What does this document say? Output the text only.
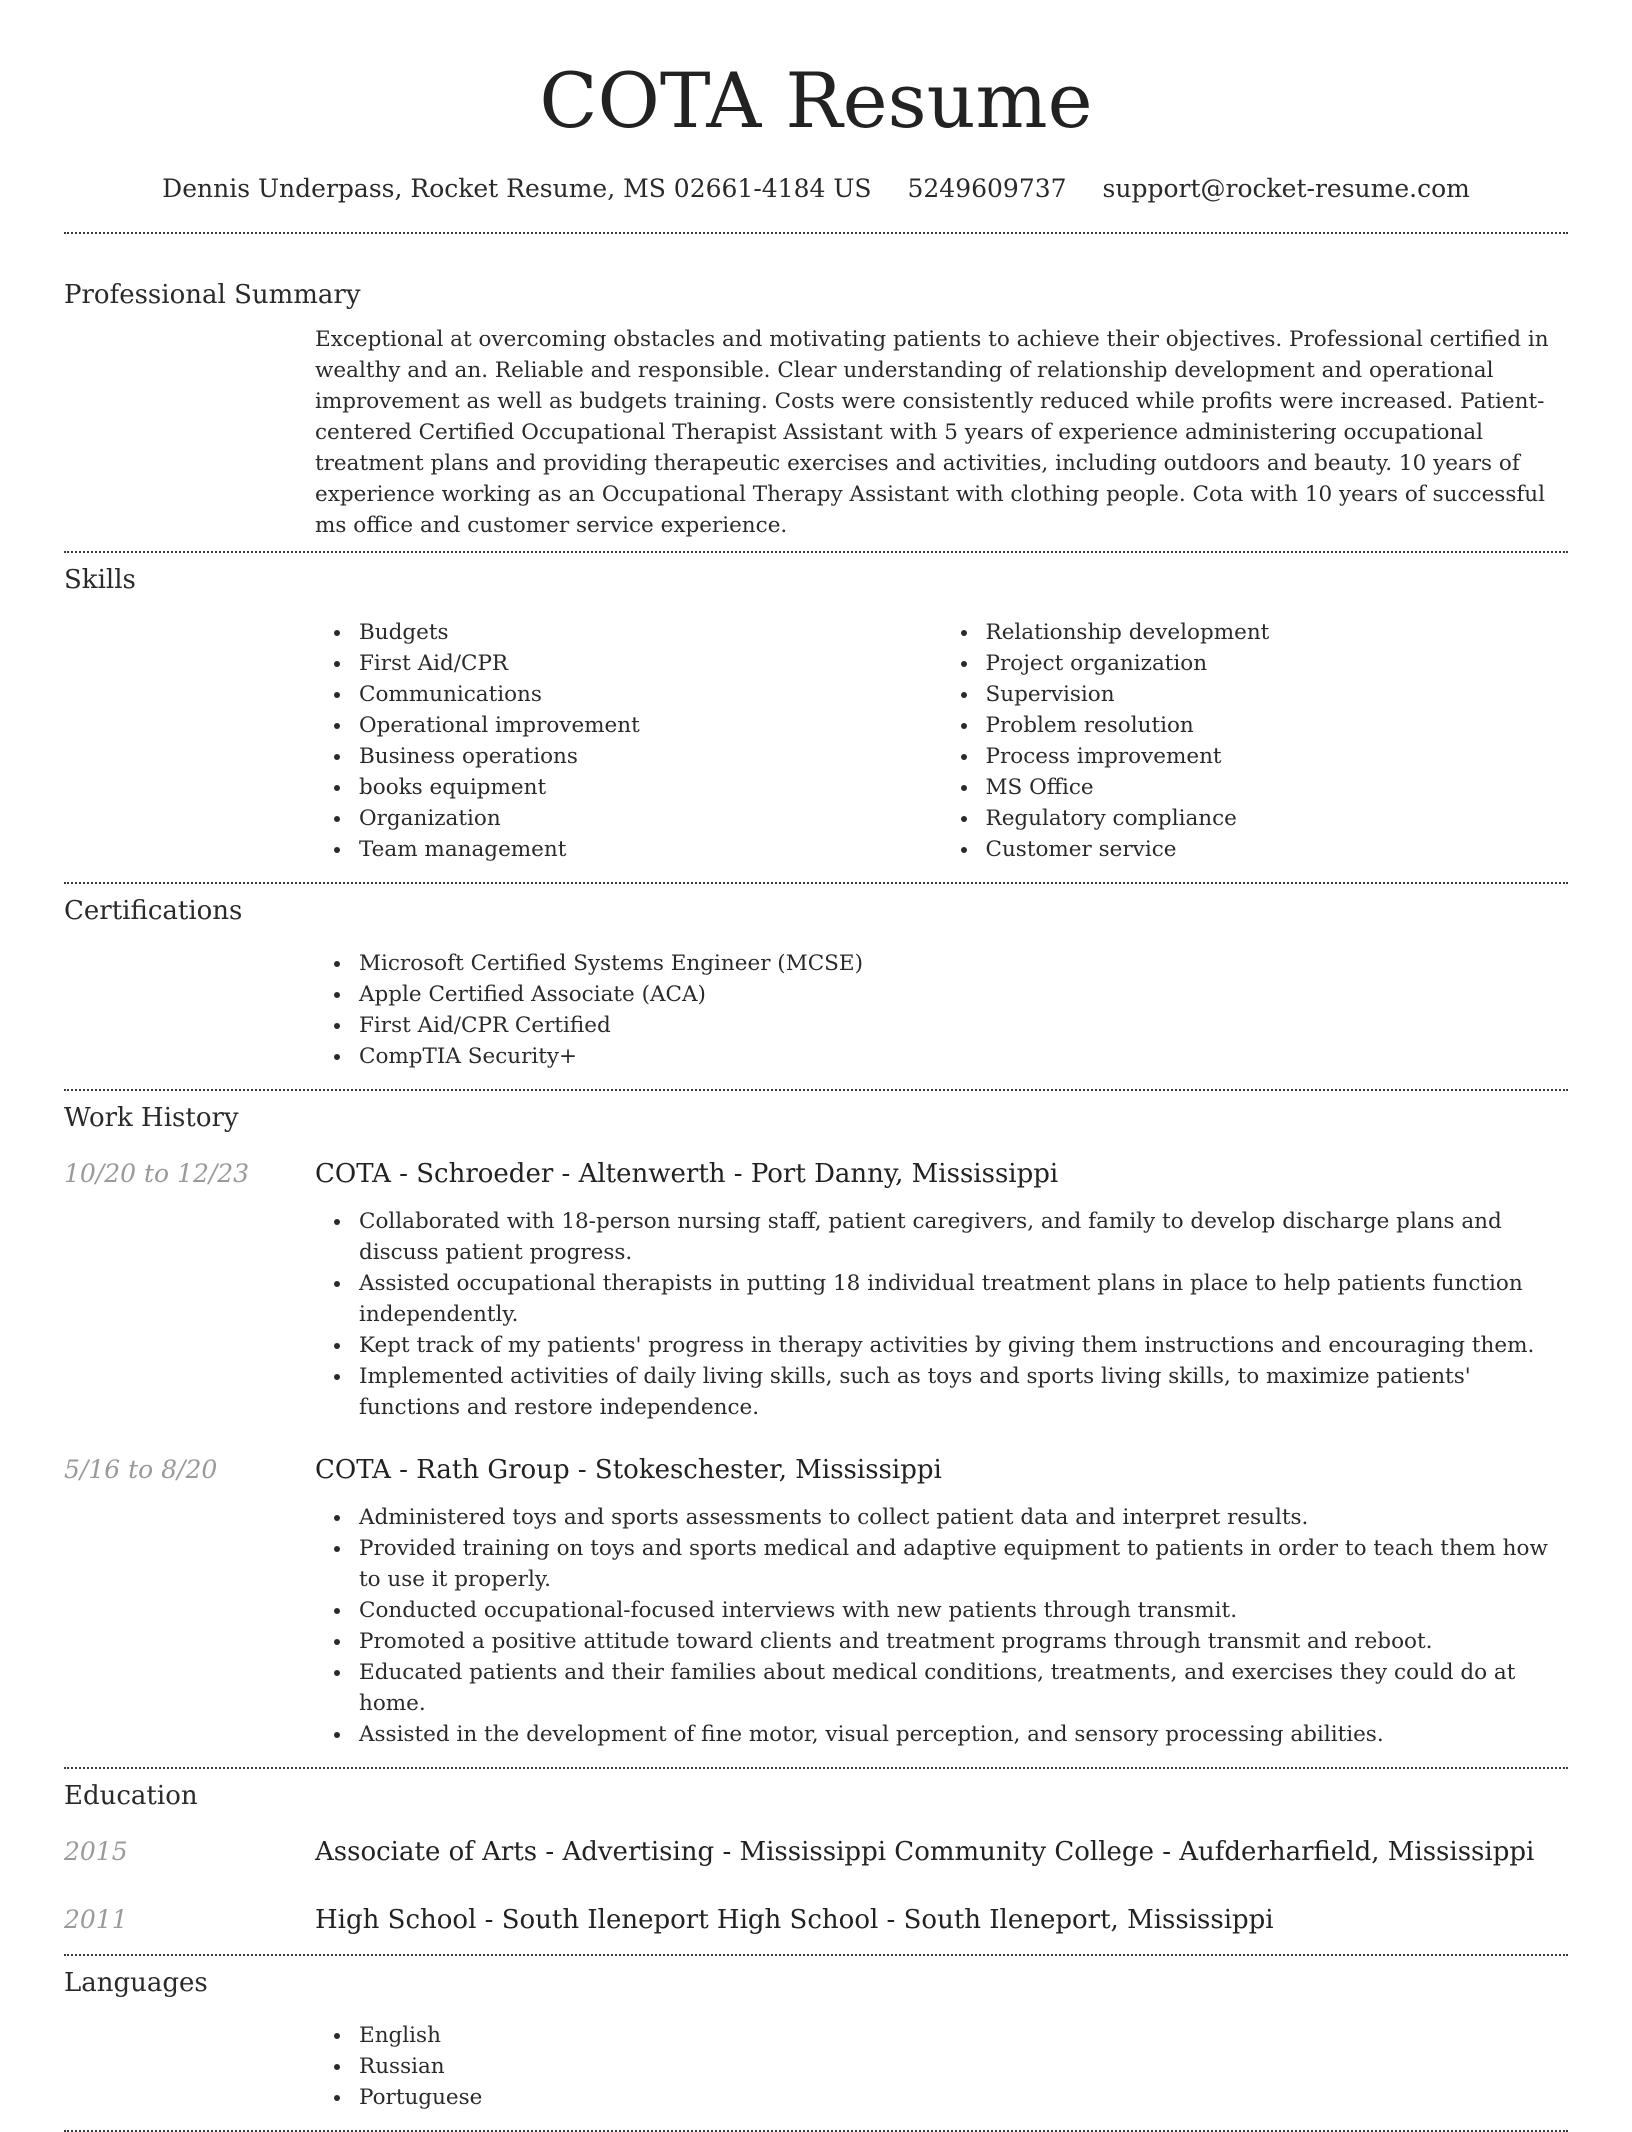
COTA Resume
Dennis Underpass, Rocket Resume, MS 02661-4184 US 5249609737 support@rocket-resume.com
Professional Summary

Exceptional at overcoming obstacles and motivating patients to achieve their objectives. Professional certified in wealthy and an. Reliable and responsible. Clear understanding of relationship development and operational improvement as well as budgets training. Costs were consistently reduced while profits were increased. Patient-centered Certified Occupational Therapist Assistant with 5 years of experience administering occupational treatment plans and providing therapeutic exercises and activities, including outdoors and beauty. 10 years of experience working as an Occupational Therapy Assistant with clothing people. Cota with 10 years of successful ms office and customer service experience.

Skills
Budgets
First Aid/CPR
Communications
Operational improvement
Business operations
books equipment
Organization
Team management
Relationship development
Project organization
Supervision
Problem resolution
Process improvement
MS Office
Regulatory compliance
Customer service
Certifications
Microsoft Certified Systems Engineer (MCSE)
Apple Certified Associate (ACA)
First Aid/CPR Certified
CompTIA Security+
Work History
10/20 to 12/23	COTA - Schroeder - Altenwerth - Port Danny, Mississippi
Collaborated with 18-person nursing staff, patient caregivers, and family to develop discharge plans and discuss patient progress.
Assisted occupational therapists in putting 18 individual treatment plans in place to help patients function independently.
Kept track of my patients' progress in therapy activities by giving them instructions and encouraging them.
Implemented activities of daily living skills, such as toys and sports living skills, to maximize patients' functions and restore independence.
5/16 to 8/20	COTA - Rath Group - Stokeschester, Mississippi
Administered toys and sports assessments to collect patient data and interpret results.
Provided training on toys and sports medical and adaptive equipment to patients in order to teach them how to use it properly.
Conducted occupational-focused interviews with new patients through transmit.
Promoted a positive attitude toward clients and treatment programs through transmit and reboot.
Educated patients and their families about medical conditions, treatments, and exercises they could do at home.
Assisted in the development of fine motor, visual perception, and sensory processing abilities.
Education
2015	Associate of Arts - Advertising - Mississippi Community College - Aufderharfield, Mississippi
2011	High School - South Ileneport High School - South Ileneport, Mississippi
Languages
English
Russian
Portuguese
